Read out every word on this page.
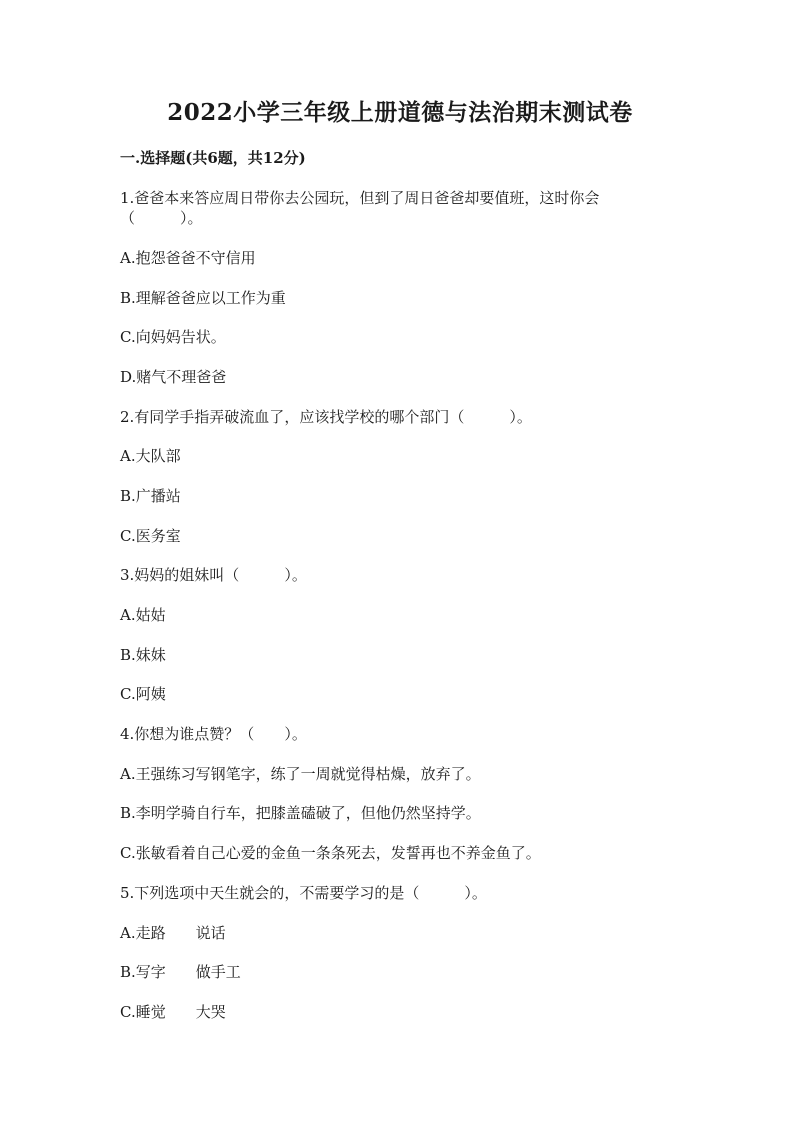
2022小学三年级上册道德与法治期末测试卷
一.选择题(共6题，共12分)
1.爸爸本来答应周日带你去公园玩，但到了周日爸爸却要值班，这时你会
（　　　）。
A.抱怨爸爸不守信用
B.理解爸爸应以工作为重
C.向妈妈告状。
D.赌气不理爸爸
2.有同学手指弄破流血了，应该找学校的哪个部门（　　　）。
A.大队部
B.广播站
C.医务室
3.妈妈的姐妹叫（　　　）。
A.姑姑
B.妹妹
C.阿姨
4.你想为谁点赞？（　　）。
A.王强练习写钢笔字，练了一周就觉得枯燥，放弃了。
B.李明学骑自行车，把膝盖磕破了，但他仍然坚持学。
C.张敏看着自己心爱的金鱼一条条死去，发誓再也不养金鱼了。
5.下列选项中天生就会的，不需要学习的是（　　　）。
A.走路　　说话
B.写字　　做手工
C.睡觉　　大哭
